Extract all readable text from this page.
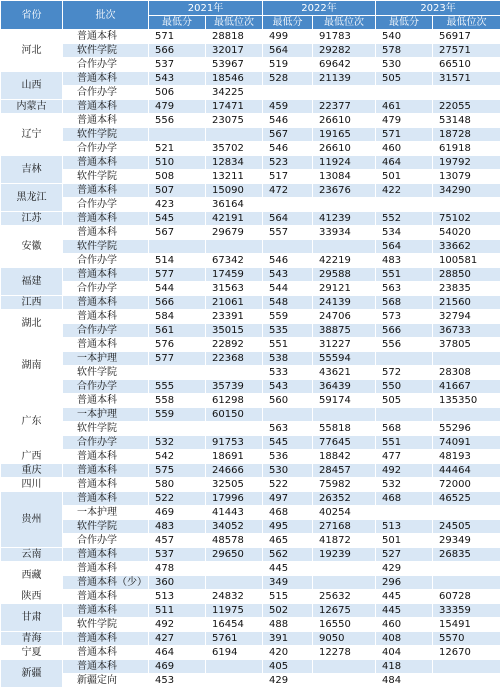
省份	批次	2021年		2022年		2023年	
		最低分	最低位次	最低分	最低位次	最低分	最低位次
河北	普通本科	571	28818	499	91783	540	56917
	软件学院	566	32017	564	29282	578	27571
	合作办学	537	53967	519	69642	530	66510
山西	普通本科	543	18546	528	21139	505	31571
	合作办学	506	34225				
内蒙古	普通本科	479	17471	459	22377	461	22055
辽宁	普通本科	556	23075	546	26610	479	53148
	软件学院			567	19165	571	18728
	合作办学	521	35702	546	26610	460	61918
吉林	普通本科	510	12834	523	11924	464	19792
	软件学院	508	13211	517	13084	501	13079
黑龙江	普通本科	507	15090	472	23676	422	34290
	合作办学	423	36164				
江苏	普通本科	545	42191	564	41239	552	75102
安徽	普通本科	567	29679	557	33934	534	54020
	软件学院					564	33662
	合作办学	514	67342	546	42219	483	100581
福建	普通本科	577	17459	543	29588	551	28850
	合作办学	544	31563	544	29121	563	23835
江西	普通本科	566	21061	548	24139	568	21560
湖北	普通本科	584	23391	559	24706	573	32794
	合作办学	561	35015	535	38875	566	36733
湖南	普通本科	576	22892	551	31227	556	37805
	一本护理	577	22368	538	55594		
	软件学院			533	43621	572	28308
	合作办学	555	35739	543	36439	550	41667
广东	普通本科	558	61298	560	59174	505	135350
	一本护理	559	60150				
	软件学院			563	55818	568	55296
	合作办学	532	91753	545	77645	551	74091
广西	普通本科	542	18691	536	18842	477	48193
重庆	普通本科	575	24666	530	28457	492	44464
四川	普通本科	580	32505	522	75982	532	72000
贵州	普通本科	522	17996	497	26352	468	46525
	一本护理	469	41443	468	40254		
	软件学院	483	34052	495	27168	513	24505
	合作办学	457	48578	465	41872	501	29349
云南	普通本科	537	29650	562	19239	527	26835
西藏	普通本科	478		445		429	
	普通本科（少）	360		349		296	
陕西	普通本科	513	24832	515	25632	445	60728
甘肃	普通本科	511	11975	502	12675	445	33359
	软件学院	492	16454	488	16550	460	15491
青海	普通本科	427	5761	391	9050	408	5570
宁夏	普通本科	464	6194	420	12278	404	12670
新疆	普通本科	469		405		418	
	新疆定向	453		429		484	
